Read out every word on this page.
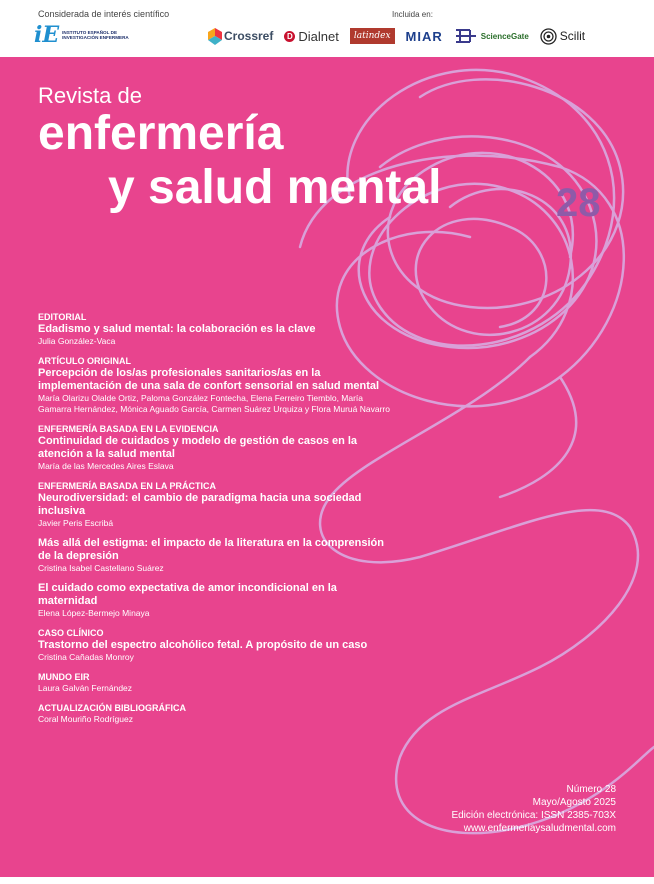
Considerada de interés científico	Incluida en:
iE INSTITUTO ESPAÑOL DE
INVESTIGACIÓN ENFERMERA	Crossref	D Dialnet	latindex	MIAR	ScienceGate	Scilit
Revista de
enfermería
y salud mental	28
EDITORIAL
Edadismo y salud mental: la colaboración es la clave
Julia González-Vaca
ARTÍCULO ORIGINAL
Percepción de los/as profesionales sanitarios/as en la implementación de una sala de confort sensorial en salud mental
María Olarizu Olalde Ortiz, Paloma González Fontecha, Elena Ferreiro Tiemblo, María Gamarra Hernández, Mónica Aguado García, Carmen Suárez Urquiza y Flora Muruá Navarro
ENFERMERÍA BASADA EN LA EVIDENCIA
Continuidad de cuidados y modelo de gestión de casos en la atención a la salud mental
María de las Mercedes Aires Eslava
ENFERMERÍA BASADA EN LA PRÁCTICA
Neurodiversidad: el cambio de paradigma hacia una sociedad inclusiva
Javier Peris Escribá
Más allá del estigma: el impacto de la literatura en la comprensión de la depresión
Cristina Isabel Castellano Suárez
El cuidado como expectativa de amor incondicional en la maternidad
Elena López-Bermejo Minaya
CASO CLÍNICO
Trastorno del espectro alcohólico fetal. A propósito de un caso
Cristina Cañadas Monroy
MUNDO EIR
Laura Galván Fernández
ACTUALIZACIÓN BIBLIOGRÁFICA
Coral Mouriño Rodríguez
Número 28
Mayo/Agosto 2025
Edición electrónica: ISSN 2385-703X
www.enfermeriaysaludmental.com
